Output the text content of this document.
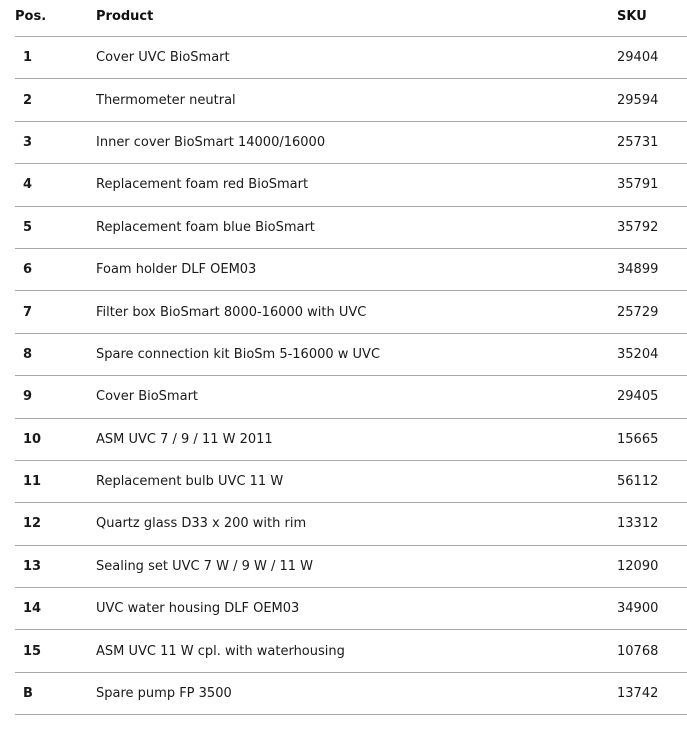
Pos.	Product	SKU
1	Cover UVC BioSmart	29404
2	Thermometer neutral	29594
3	Inner cover BioSmart 14000/16000	25731
4	Replacement foam red BioSmart	35791
5	Replacement foam blue BioSmart	35792
6	Foam holder DLF OEM03	34899
7	Filter box BioSmart 8000-16000 with UVC	25729
8	Spare connection kit BioSm 5-16000 w UVC	35204
9	Cover BioSmart	29405
10	ASM UVC 7 / 9 / 11 W 2011	15665
11	Replacement bulb UVC 11 W	56112
12	Quartz glass D33 x 200 with rim	13312
13	Sealing set UVC 7 W / 9 W / 11 W	12090
14	UVC water housing DLF OEM03	34900
15	ASM UVC 11 W cpl. with waterhousing	10768
B	Spare pump FP 3500	13742
